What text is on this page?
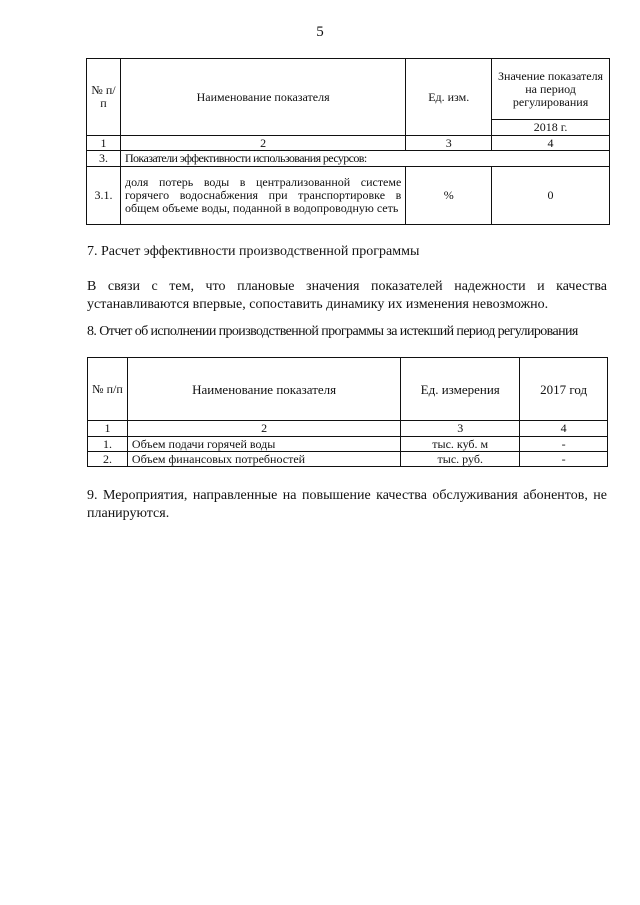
5
№ п/п	Наименование показателя	Ед. изм.	Значение показателя на период регулирования
			2018 г.
1	2	3	4
3.	Показатели эффективности использования ресурсов:		
3.1.	доля потерь воды в централизованной системе горячего водоснабжения при транспортировке в общем объеме воды, поданной в водопроводную сеть	%	0
7. Расчет эффективности производственной программы
В связи с тем, что плановые значения показателей надежности и качества устанавливаются впервые, сопоставить динамику их изменения невозможно.
8. Отчет об исполнении производственной программы за истекший период регулирования
№ п/п	Наименование показателя	Ед. измерения	2017 год
1	2	3	4
1.	Объем подачи горячей воды	тыс. куб. м	-
2.	Объем финансовых потребностей	тыс. руб.	-
9. Мероприятия, направленные на повышение качества обслуживания абонентов, не планируются.
